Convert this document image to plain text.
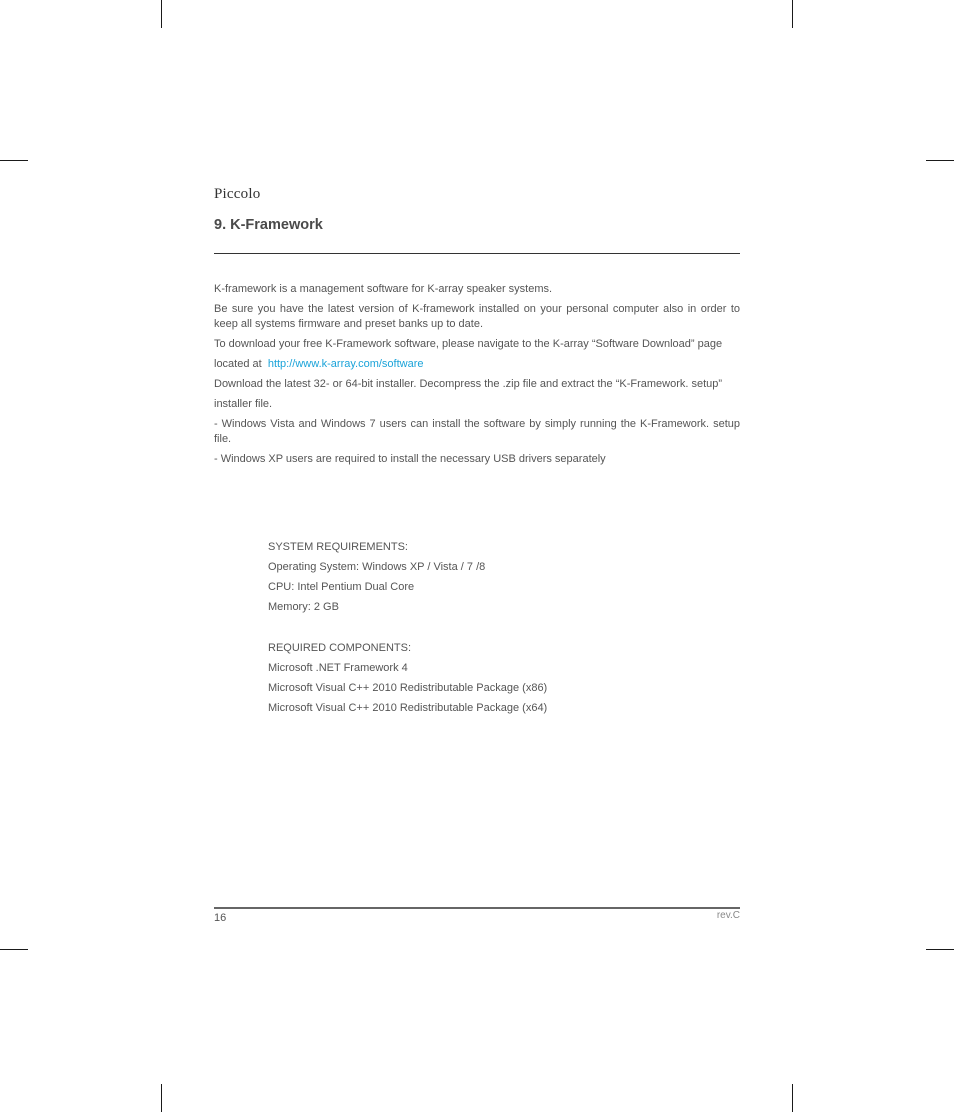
Piccolo
9. K-Framework

K-framework is a management software for K-array speaker systems.

Be sure you have the latest version of K-framework installed on your personal computer also in order to keep all systems firmware and preset banks up to date.

To download your free K-Framework software, please navigate to the K-array “Software Download” page

located at http://www.k-array.com/software

Download the latest 32- or 64-bit installer. Decompress the .zip file and extract the “K-Framework. setup”

installer file.

- Windows Vista and Windows 7 users can install the software by simply running the K-Framework. setup file.

- Windows XP users are required to install the necessary USB drivers separately

SYSTEM REQUIREMENTS:
Operating System: Windows XP / Vista / 7 /8
CPU: Intel Pentium Dual Core
Memory: 2 GB
REQUIRED COMPONENTS:
Microsoft .NET Framework 4
Microsoft Visual C++ 2010 Redistributable Package (x86)
Microsoft Visual C++ 2010 Redistributable Package (x64)
16	rev.C
